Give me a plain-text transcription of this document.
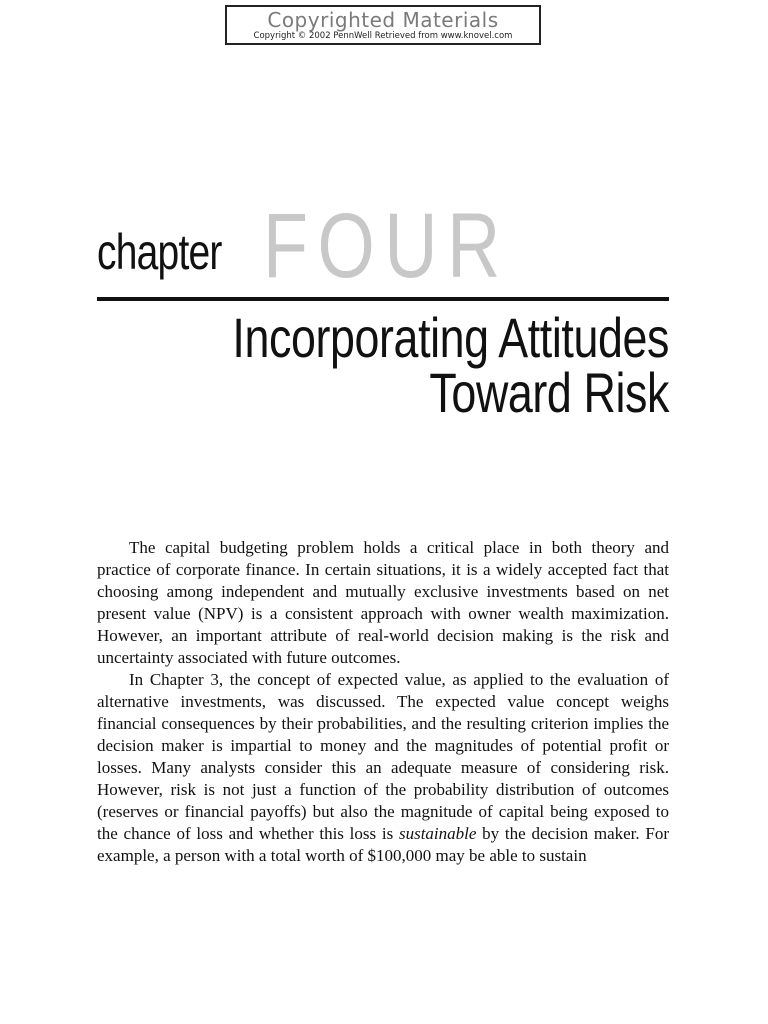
Copyrighted Materials
Copyright © 2002 PennWell Retrieved from www.knovel.com
FOUR
chapter
Incorporating Attitudes
Toward Risk

The capital budgeting problem holds a critical place in both theory and practice of corporate finance. In certain situations, it is a widely accepted fact that choosing among independent and mutually exclusive investments based on net present value (NPV) is a consistent approach with owner wealth maximization. However, an important attribute of real-world decision making is the risk and uncertainty associated with future outcomes.

In Chapter 3, the concept of expected value, as applied to the evaluation of alternative investments, was discussed. The expected value concept weighs financial consequences by their probabilities, and the resulting criterion implies the decision maker is impartial to money and the magnitudes of potential profit or losses. Many analysts consider this an adequate measure of considering risk. However, risk is not just a function of the probability distribution of outcomes (reserves or financial payoffs) but also the magnitude of capital being exposed to the chance of loss and whether this loss is sustainable by the decision maker. For example, a person with a total worth of $100,000 may be able to sustain
